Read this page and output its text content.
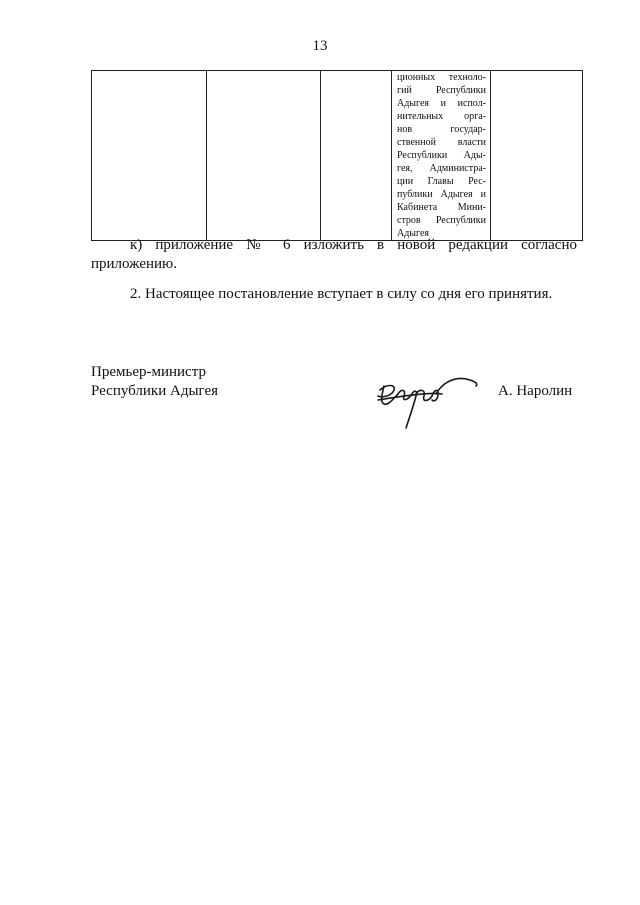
13

ционных техноло-
гий Республики
Адыгея и испол-
нительных орга-
нов государ-
ственной власти
Республики Ады-
гея, Администра-
ции Главы Рес-
публики Адыгея и
Кабинета Мини-
стров Республики
Адыгея

к) приложение № 6 изложить в новой редакции согласно приложению.

2. Настоящее постановление вступает в силу со дня его принятия.

Премьер-министр
Республики Адыгея	А. Наролин
